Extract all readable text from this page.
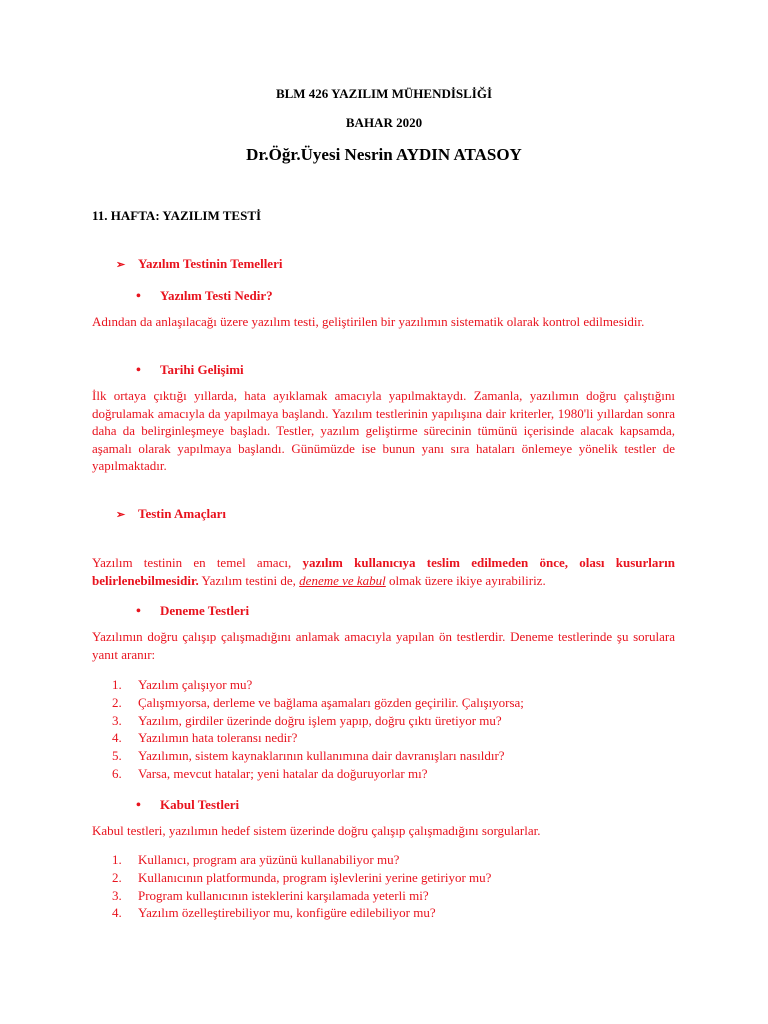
BLM 426 YAZILIM MÜHENDİSLİĞİ
BAHAR 2020
Dr.Öğr.Üyesi Nesrin AYDIN ATASOY
11. HAFTA: YAZILIM TESTİ
➢ Yazılım Testinin Temelleri
• Yazılım Testi Nedir?
Adından da anlaşılacağı üzere yazılım testi, geliştirilen bir yazılımın sistematik olarak kontrol edilmesidir.
• Tarihi Gelişimi
İlk ortaya çıktığı yıllarda, hata ayıklamak amacıyla yapılmaktaydı. Zamanla, yazılımın doğru çalıştığını doğrulamak amacıyla da yapılmaya başlandı. Yazılım testlerinin yapılışına dair kriterler, 1980'li yıllardan sonra daha da belirginleşmeye başladı. Testler, yazılım geliştirme sürecinin tümünü içerisinde alacak kapsamda, aşamalı olarak yapılmaya başlandı. Günümüzde ise bunun yanı sıra hataları önlemeye yönelik testler de yapılmaktadır.
➢ Testin Amaçları
Yazılım testinin en temel amacı, yazılım kullanıcıya teslim edilmeden önce, olası kusurların belirlenebilmesidir. Yazılım testini de, deneme ve kabul olmak üzere ikiye ayırabiliriz.
• Deneme Testleri
Yazılımın doğru çalışıp çalışmadığını anlamak amacıyla yapılan ön testlerdir. Deneme testlerinde şu sorulara yanıt aranır:
1. Yazılım çalışıyor mu?
2. Çalışmıyorsa, derleme ve bağlama aşamaları gözden geçirilir. Çalışıyorsa;
3. Yazılım, girdiler üzerinde doğru işlem yapıp, doğru çıktı üretiyor mu?
4. Yazılımın hata toleransı nedir?
5. Yazılımın, sistem kaynaklarının kullanımına dair davranışları nasıldır?
6. Varsa, mevcut hatalar; yeni hatalar da doğuruyorlar mı?
• Kabul Testleri
Kabul testleri, yazılımın hedef sistem üzerinde doğru çalışıp çalışmadığını sorgularlar.
1. Kullanıcı, program ara yüzünü kullanabiliyor mu?
2. Kullanıcının platformunda, program işlevlerini yerine getiriyor mu?
3. Program kullanıcının isteklerini karşılamada yeterli mi?
4. Yazılım özelleştirebiliyor mu, konfigüre edilebiliyor mu?
